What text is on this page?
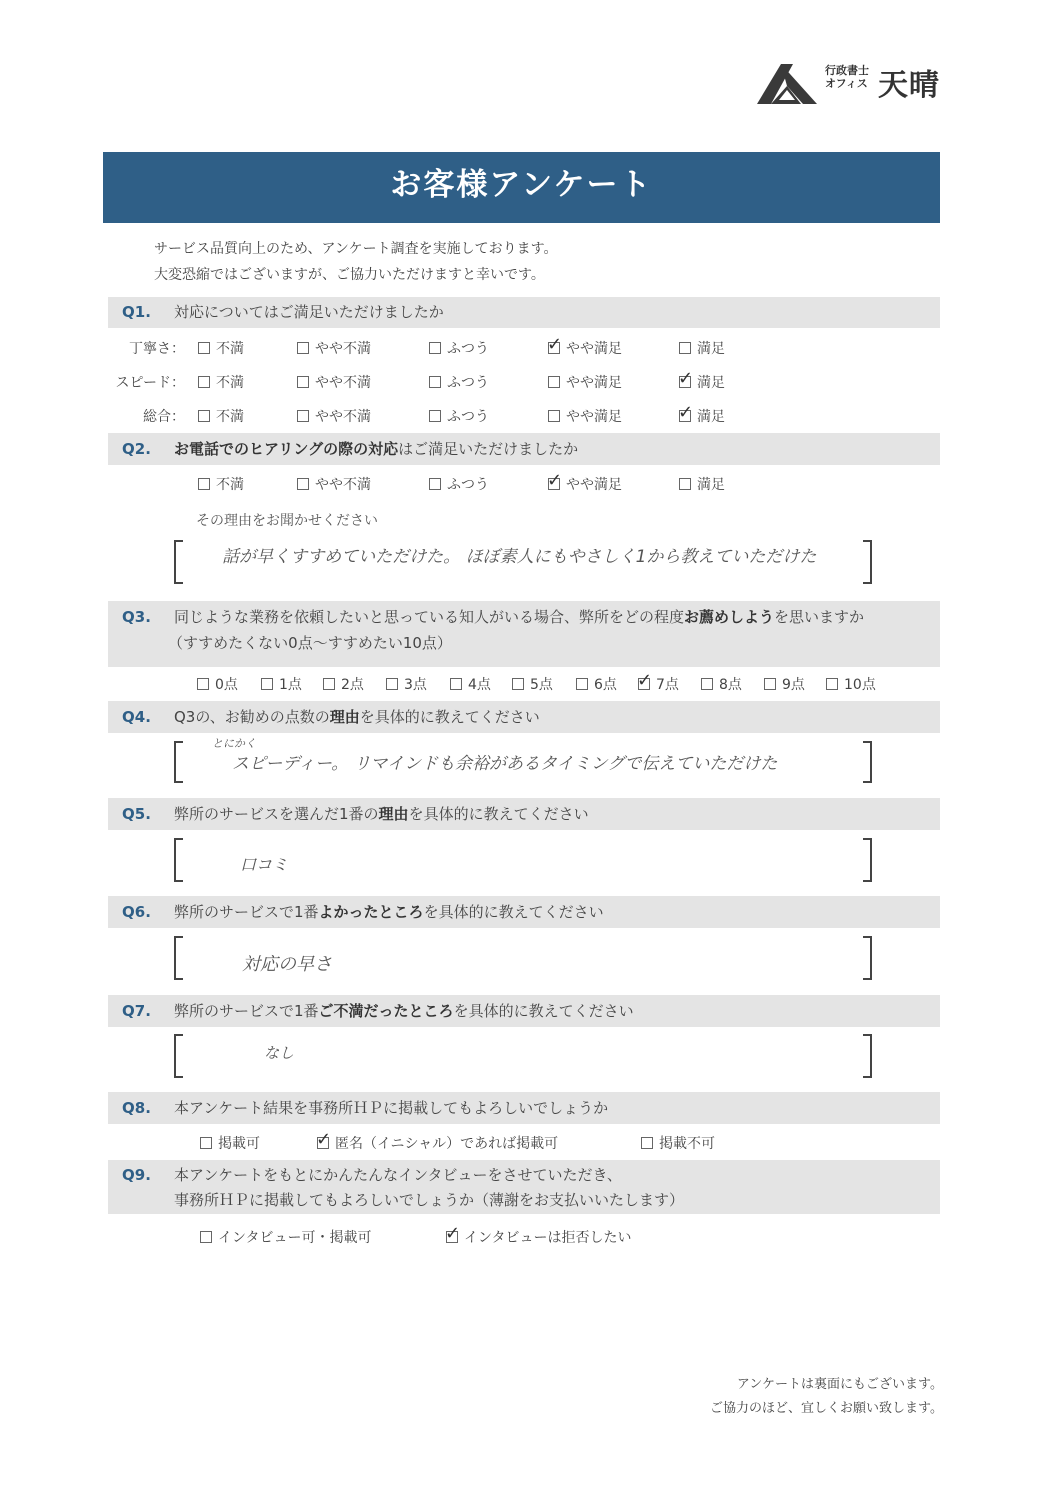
行政書士
オフィス 天晴
お客様アンケート
サービス品質向上のため、アンケート調査を実施しております。
大変恐縮ではございますが、ご協力いただけますと幸いです。
Q1. 対応についてはご満足いただけましたか
丁寧さ：	不満	やや不満	ふつう ✓	やや満足	満足
スピード：	不満	やや不満	ふつう	やや満足 ✓	満足
総合：	不満	やや不満	ふつう	やや満足 ✓	満足
Q2. お電話でのヒアリングの際の対応はご満足いただけましたか
不満	やや不満	ふつう ✓	やや満足	満足
その理由をお聞かせください
話が早くすすめていただけた。 ほぼ素人にもやさしく1から教えていただけた
Q3. 同じような業務を依頼したいと思っている知人がいる場合、弊所をどの程度お薦めしようを思いますか
（すすめたくない0点～すすめたい10点）
0点	1点	2点	3点	4点	5点	6点 ✓	7点	8点	9点	10点
Q4. Q3の、お勧めの点数の理由を具体的に教えてください
とにかく
スピーディー。 リマインドも余裕があるタイミングで伝えていただけた
Q5. 弊所のサービスを選んだ1番の理由を具体的に教えてください
口コミ
Q6. 弊所のサービスで1番よかったところを具体的に教えてください
対応の早さ
Q7. 弊所のサービスで1番ご不満だったところを具体的に教えてください
なし
Q8. 本アンケート結果を事務所ＨＰに掲載してもよろしいでしょうか
掲載可 ✓	匿名（イニシャル）であれば掲載可	掲載不可
Q9. 本アンケートをもとにかんたんなインタビューをさせていただき、
事務所ＨＰに掲載してもよろしいでしょうか（薄謝をお支払いいたします）
インタビュー可・掲載可 ✓	インタビューは拒否したい
アンケートは裏面にもございます。
ご協力のほど、宜しくお願い致します。
